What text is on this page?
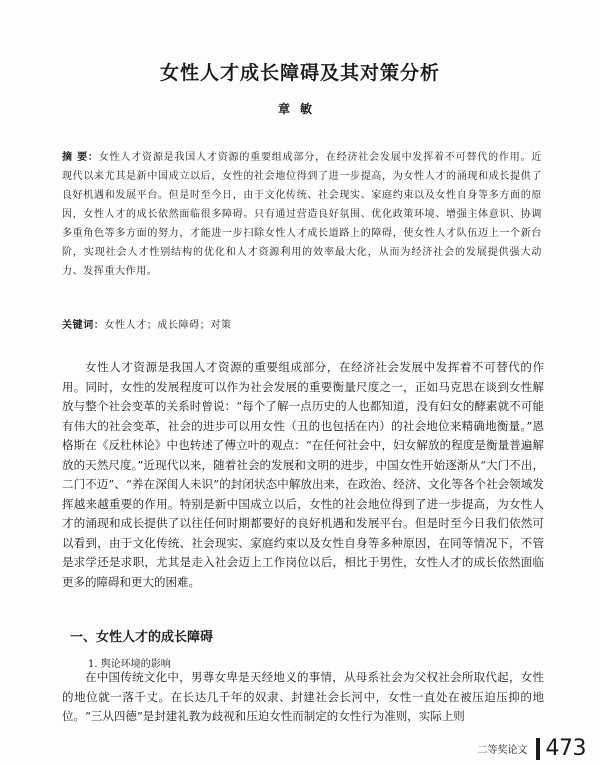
女性人才成长障碍及其对策分析
章敏
摘 要：女性人才资源是我国人才资源的重要组成部分，在经济社会发展中发挥着不可替代的作用。近现代以来尤其是新中国成立以后，女性的社会地位得到了进一步提高，为女性人才的涌现和成长提供了良好机遇和发展平台。但是时至今日，由于文化传统、社会现实、家庭约束以及女性自身等多方面的原因，女性人才的成长依然面临很多障碍。只有通过营造良好氛围、优化政策环境、增强主体意识、协调多重角色等多方面的努力，才能进一步扫除女性人才成长道路上的障碍，使女性人才队伍迈上一个新台阶，实现社会人才性别结构的优化和人才资源利用的效率最大化，从而为经济社会的发展提供强大动力、发挥重大作用。
关键词：女性人才；成长障碍；对策

女性人才资源是我国人才资源的重要组成部分，在经济社会发展中发挥着不可替代的作用。同时，女性的发展程度可以作为社会发展的重要衡量尺度之一，正如马克思在谈到女性解放与整个社会变革的关系时曾说：“每个了解一点历史的人也都知道，没有妇女的酵素就不可能有伟大的社会变革，社会的进步可以用女性（丑的也包括在内）的社会地位来精确地衡量。”恩格斯在《反杜林论》中也转述了傅立叶的观点：“在任何社会中，妇女解放的程度是衡量普遍解放的天然尺度。”近现代以来，随着社会的发展和文明的进步，中国女性开始逐渐从“大门不出，二门不迈”、“养在深闺人未识”的封闭状态中解放出来，在政治、经济、文化等各个社会领域发挥越来越重要的作用。特别是新中国成立以后，女性的社会地位得到了进一步提高，为女性人才的涌现和成长提供了以往任何时期都要好的良好机遇和发展平台。但是时至今日我们依然可以看到，由于文化传统、社会现实、家庭约束以及女性自身等多种原因，在同等情况下，不管是求学还是求职，尤其是走入社会迈上工作岗位以后，相比于男性，女性人才的成长依然面临更多的障碍和更大的困难。

一、女性人才的成长障碍
1. 舆论环境的影响

在中国传统文化中，男尊女卑是天经地义的事情，从母系社会为父权社会所取代起，女性的地位就一落千丈。在长达几千年的奴隶、封建社会长河中，女性一直处在被压迫压抑的地位。“三从四德”是封建礼教为歧视和压迫女性而制定的女性行为准则，实际上则

二等奖论文 473
